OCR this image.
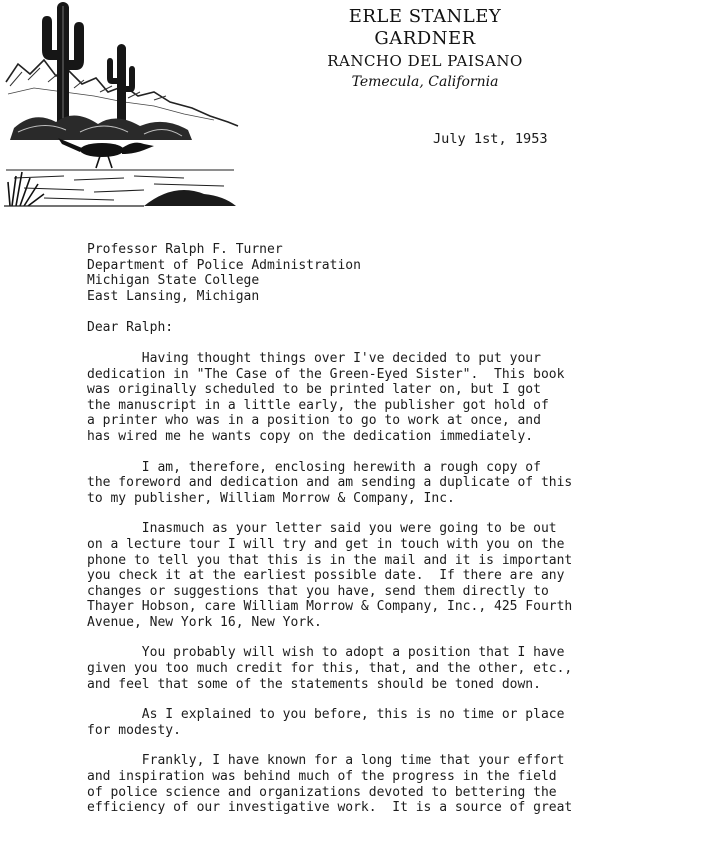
ERLE STANLEY GARDNER
RANCHO DEL PAISANO
Temecula, California
July 1st, 1953
Professor Ralph F. Turner
Department of Police Administration
Michigan State College
East Lansing, Michigan
Dear Ralph:
Having thought things over I've decided to put your
dedication in "The Case of the Green-Eyed Sister".  This book
was originally scheduled to be printed later on, but I got
the manuscript in a little early, the publisher got hold of
a printer who was in a position to go to work at once, and
has wired me he wants copy on the dedication immediately.
I am, therefore, enclosing herewith a rough copy of
the foreword and dedication and am sending a duplicate of this
to my publisher, William Morrow & Company, Inc.
Inasmuch as your letter said you were going to be out
on a lecture tour I will try and get in touch with you on the
phone to tell you that this is in the mail and it is important
you check it at the earliest possible date.  If there are any
changes or suggestions that you have, send them directly to
Thayer Hobson, care William Morrow & Company, Inc., 425 Fourth
Avenue, New York 16, New York.
You probably will wish to adopt a position that I have
given you too much credit for this, that, and the other, etc.,
and feel that some of the statements should be toned down.
As I explained to you before, this is no time or place
for modesty.
Frankly, I have known for a long time that your effort
and inspiration was behind much of the progress in the field
of police science and organizations devoted to bettering the
efficiency of our investigative work.  It is a source of great
